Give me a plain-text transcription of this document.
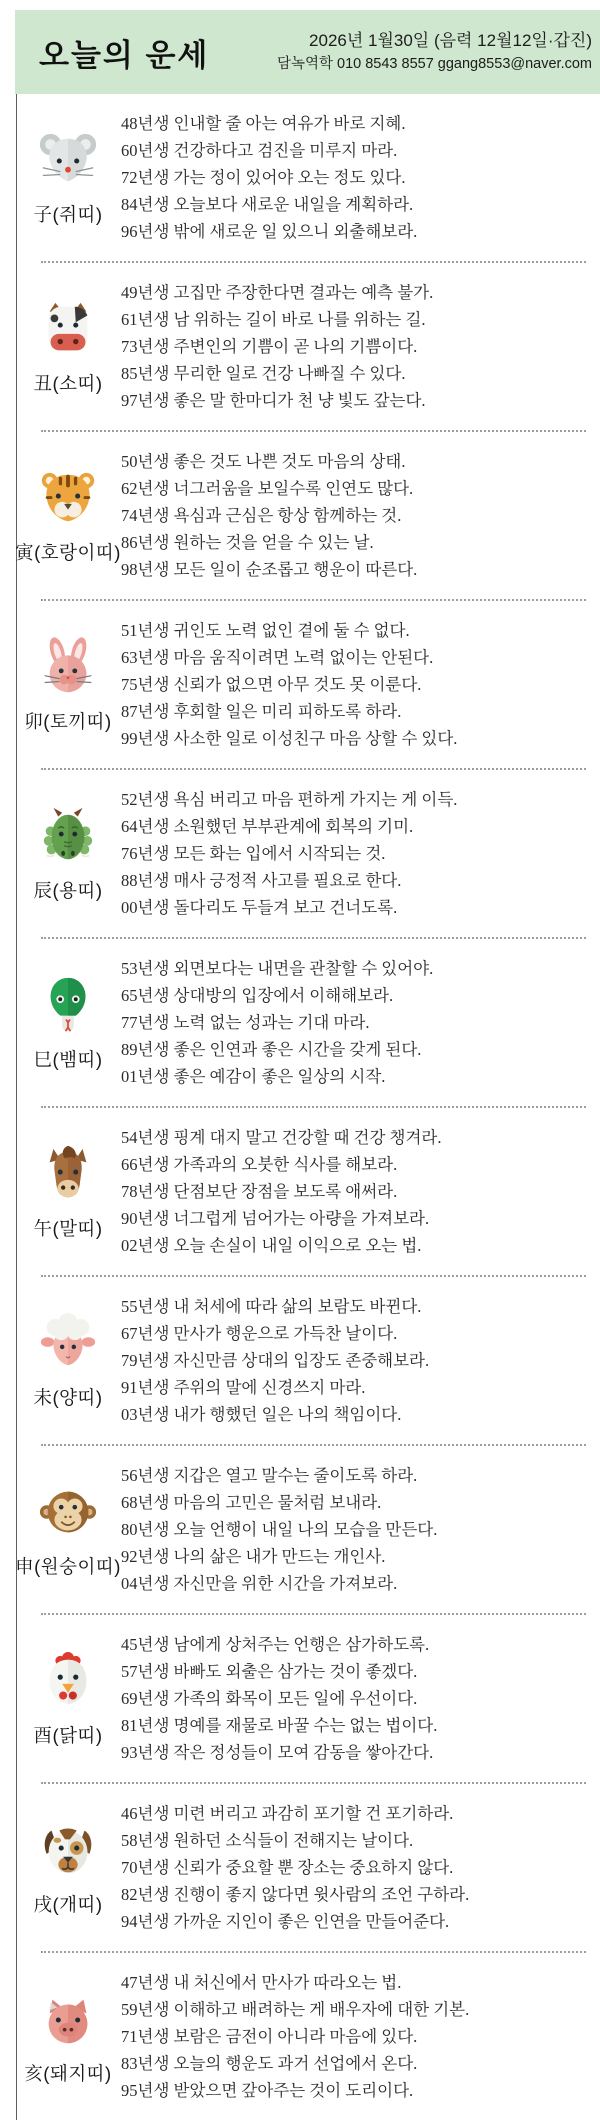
오늘의 운세	2026년 1월30일 (음력 12월12일·갑진)
담녹역학 010 8543 8557 ggang8553@naver.com
子(쥐띠)
48년생 인내할 줄 아는 여유가 바로 지혜.
60년생 건강하다고 검진을 미루지 마라.
72년생 가는 정이 있어야 오는 정도 있다.
84년생 오늘보다 새로운 내일을 계획하라.
96년생 밖에 새로운 일 있으니 외출해보라.
丑(소띠)
49년생 고집만 주장한다면 결과는 예측 불가.
61년생 남 위하는 길이 바로 나를 위하는 길.
73년생 주변인의 기쁨이 곧 나의 기쁨이다.
85년생 무리한 일로 건강 나빠질 수 있다.
97년생 좋은 말 한마디가 천 냥 빛도 갚는다.
寅(호랑이띠)
50년생 좋은 것도 나쁜 것도 마음의 상태.
62년생 너그러움을 보일수록 인연도 많다.
74년생 욕심과 근심은 항상 함께하는 것.
86년생 원하는 것을 얻을 수 있는 날.
98년생 모든 일이 순조롭고 행운이 따른다.
卯(토끼띠)
51년생 귀인도 노력 없인 곁에 둘 수 없다.
63년생 마음 움직이려면 노력 없이는 안된다.
75년생 신뢰가 없으면 아무 것도 못 이룬다.
87년생 후회할 일은 미리 피하도록 하라.
99년생 사소한 일로 이성친구 마음 상할 수 있다.
辰(용띠)
52년생 욕심 버리고 마음 편하게 가지는 게 이득.
64년생 소원했던 부부관계에 회복의 기미.
76년생 모든 화는 입에서 시작되는 것.
88년생 매사 긍정적 사고를 필요로 한다.
00년생 돌다리도 두들겨 보고 건너도록.
巳(뱀띠)
53년생 외면보다는 내면을 관찰할 수 있어야.
65년생 상대방의 입장에서 이해해보라.
77년생 노력 없는 성과는 기대 마라.
89년생 좋은 인연과 좋은 시간을 갖게 된다.
01년생 좋은 예감이 좋은 일상의 시작.
午(말띠)
54년생 핑계 대지 말고 건강할 때 건강 챙겨라.
66년생 가족과의 오붓한 식사를 해보라.
78년생 단점보단 장점을 보도록 애써라.
90년생 너그럽게 넘어가는 아량을 가져보라.
02년생 오늘 손실이 내일 이익으로 오는 법.
未(양띠)
55년생 내 처세에 따라 삶의 보람도 바뀐다.
67년생 만사가 행운으로 가득찬 날이다.
79년생 자신만큼 상대의 입장도 존중해보라.
91년생 주위의 말에 신경쓰지 마라.
03년생 내가 행했던 일은 나의 책임이다.
申(원숭이띠)
56년생 지갑은 열고 말수는 줄이도록 하라.
68년생 마음의 고민은 물처럼 보내라.
80년생 오늘 언행이 내일 나의 모습을 만든다.
92년생 나의 삶은 내가 만드는 개인사.
04년생 자신만을 위한 시간을 가져보라.
酉(닭띠)
45년생 남에게 상처주는 언행은 삼가하도록.
57년생 바빠도 외출은 삼가는 것이 좋겠다.
69년생 가족의 화목이 모든 일에 우선이다.
81년생 명예를 재물로 바꿀 수는 없는 법이다.
93년생 작은 정성들이 모여 감동을 쌓아간다.
戌(개띠)
46년생 미련 버리고 과감히 포기할 건 포기하라.
58년생 원하던 소식들이 전해지는 날이다.
70년생 신뢰가 중요할 뿐 장소는 중요하지 않다.
82년생 진행이 좋지 않다면 윗사람의 조언 구하라.
94년생 가까운 지인이 좋은 인연을 만들어준다.
亥(돼지띠)
47년생 내 처신에서 만사가 따라오는 법.
59년생 이해하고 배려하는 게 배우자에 대한 기본.
71년생 보람은 금전이 아니라 마음에 있다.
83년생 오늘의 행운도 과거 선업에서 온다.
95년생 받았으면 갚아주는 것이 도리이다.
